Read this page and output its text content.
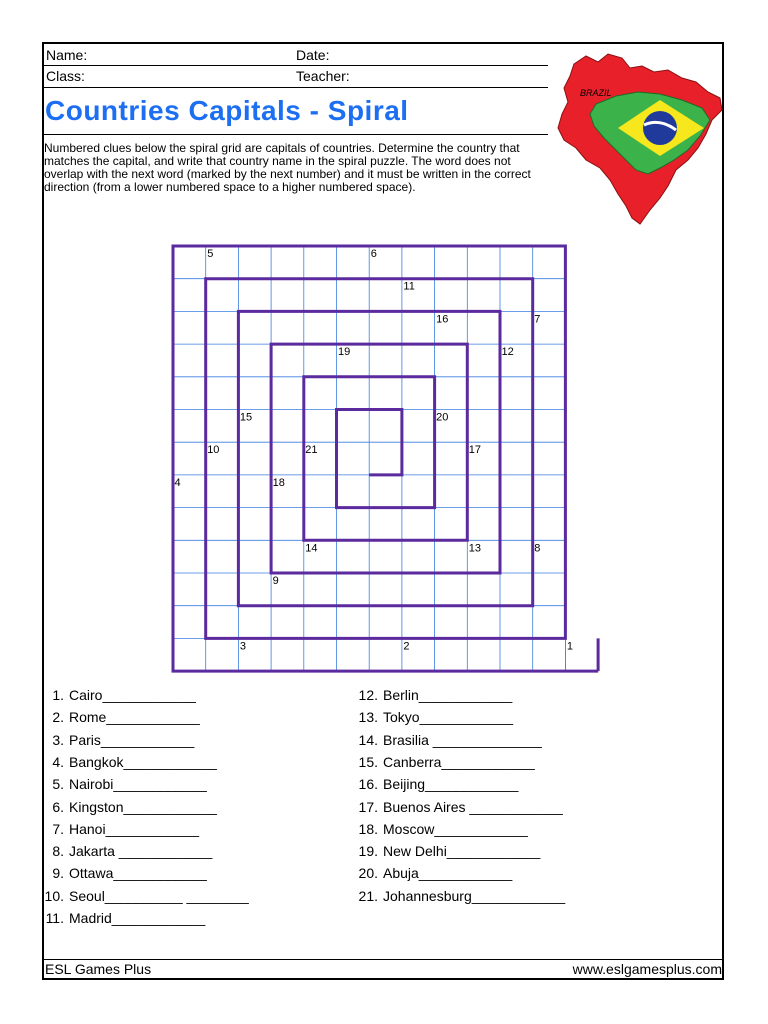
Name:	Date:
Class:	Teacher:
Countries Capitals - Spiral
Numbered clues below the spiral grid are capitals of countries. Determine the country that matches the capital, and write that country name in the spiral puzzle. The word does not overlap with the next word (marked by the next number) and it must be written in the correct direction (from a lower numbered space to a higher numbered space).
BRAZIL
1
2
3
4
5	6
7
8
9
10
11
12
13
14
15
16
17
18
19
20
21
1. Cairo____________
2. Rome____________
3. Paris____________
4. Bangkok____________
5. Nairobi____________
6. Kingston____________
7. Hanoi____________
8. Jakarta ____________
9. Ottawa____________
10. Seoul__________ ________
11. Madrid____________
12. Berlin____________
13. Tokyo____________
14. Brasilia ______________
15. Canberra____________
16. Beijing____________
17. Buenos Aires ____________
18. Moscow____________
19. New Delhi____________
20. Abuja____________
21. Johannesburg____________
ESL Games Plus	www.eslgamesplus.com
